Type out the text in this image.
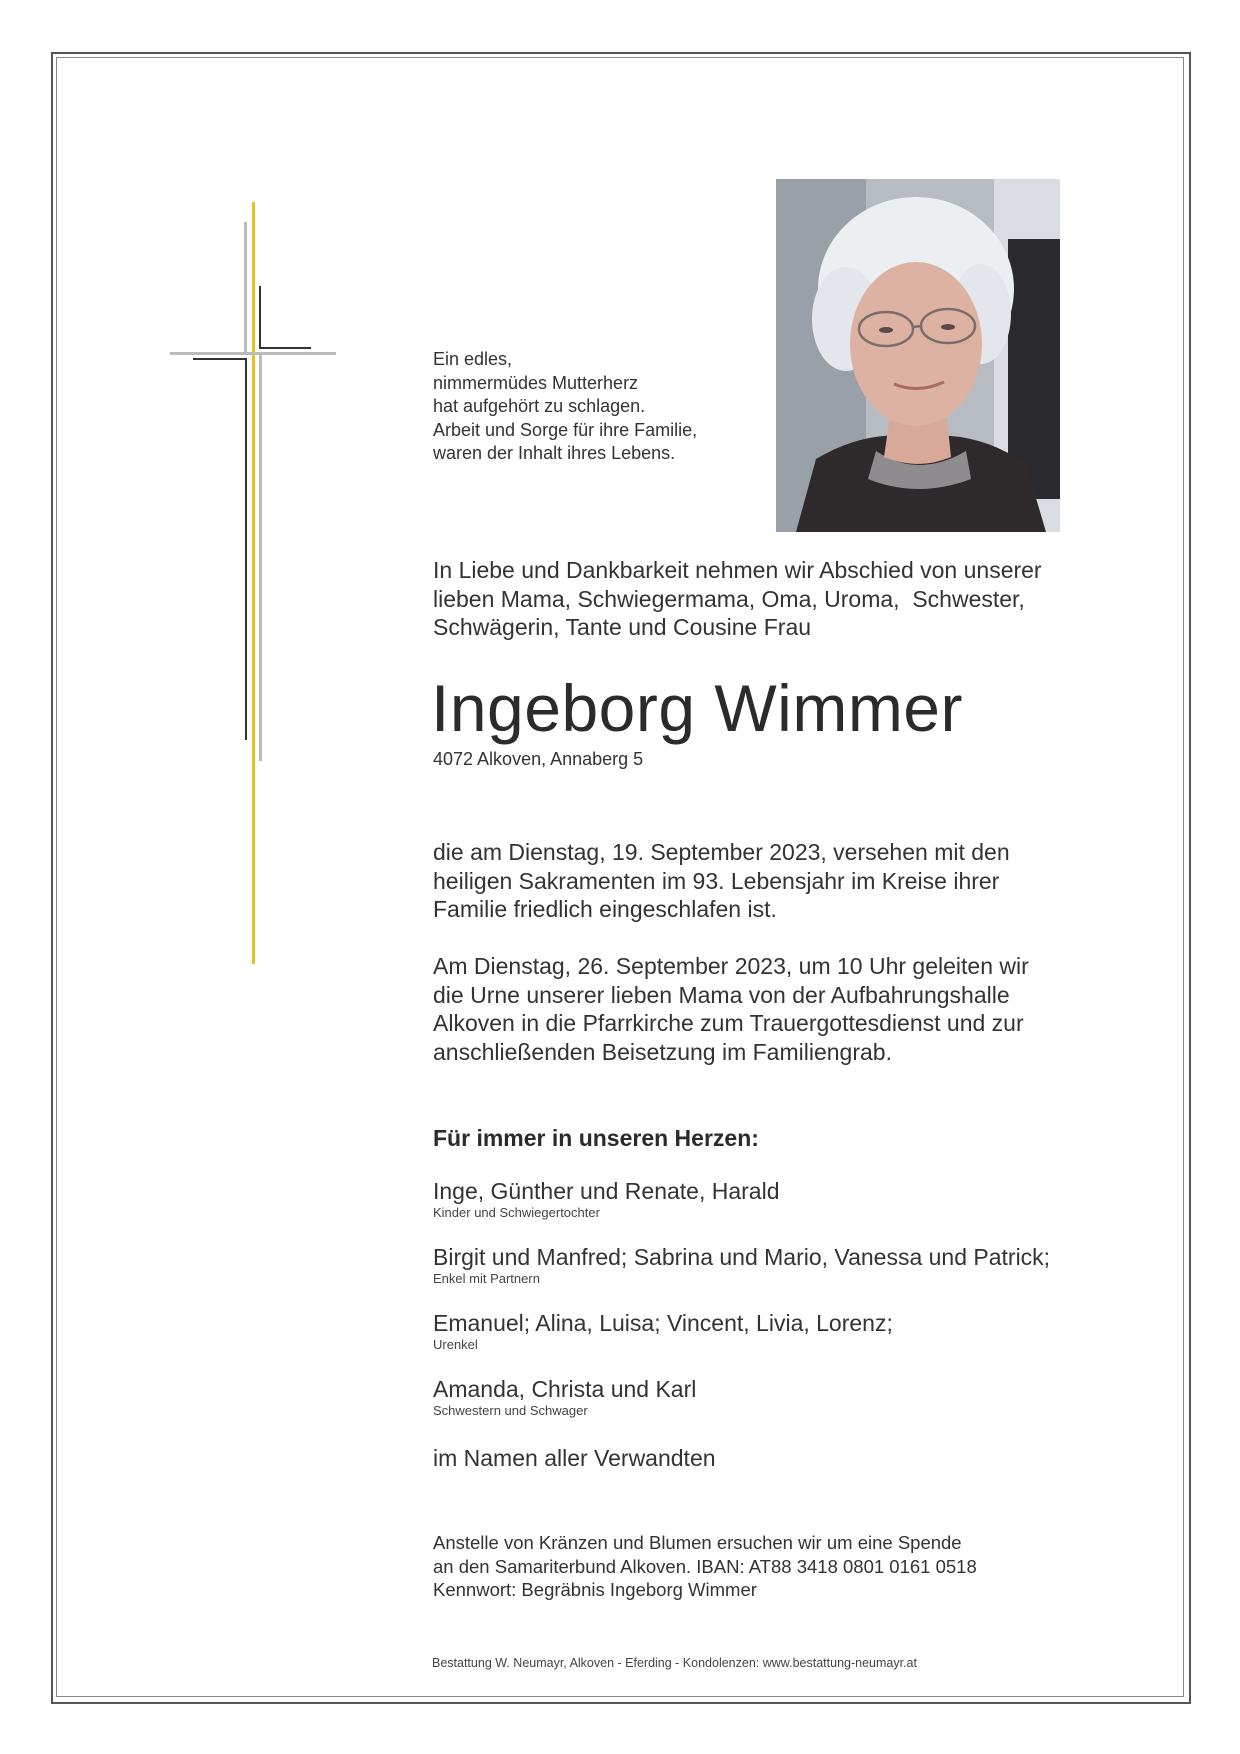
Ein edles,
nimmermüdes Mutterherz
hat aufgehört zu schlagen.
Arbeit und Sorge für ihre Familie,
waren der Inhalt ihres Lebens.
In Liebe und Dankbarkeit nehmen wir Abschied von unserer
lieben Mama, Schwiegermama, Oma, Uroma,  Schwester,
Schwägerin, Tante und Cousine Frau
Ingeborg Wimmer
4072 Alkoven, Annaberg 5
die am Dienstag, 19. September 2023, versehen mit den
heiligen Sakramenten im 93. Lebensjahr im Kreise ihrer
Familie friedlich eingeschlafen ist.
Am Dienstag, 26. September 2023, um 10 Uhr geleiten wir
die Urne unserer lieben Mama von der Aufbahrungshalle
Alkoven in die Pfarrkirche zum Trauergottesdienst und zur
anschließenden Beisetzung im Familiengrab.
Für immer in unseren Herzen:
Inge, Günther und Renate, Harald
Kinder und Schwiegertochter
Birgit und Manfred; Sabrina und Mario, Vanessa und Patrick;
Enkel mit Partnern
Emanuel; Alina, Luisa; Vincent, Livia, Lorenz;
Urenkel
Amanda, Christa und Karl
Schwestern und Schwager
im Namen aller Verwandten
Anstelle von Kränzen und Blumen ersuchen wir um eine Spende
an den Samariterbund Alkoven. IBAN: AT88 3418 0801 0161 0518
Kennwort: Begräbnis Ingeborg Wimmer
Bestattung W. Neumayr, Alkoven - Eferding - Kondolenzen: www.bestattung-neumayr.at
